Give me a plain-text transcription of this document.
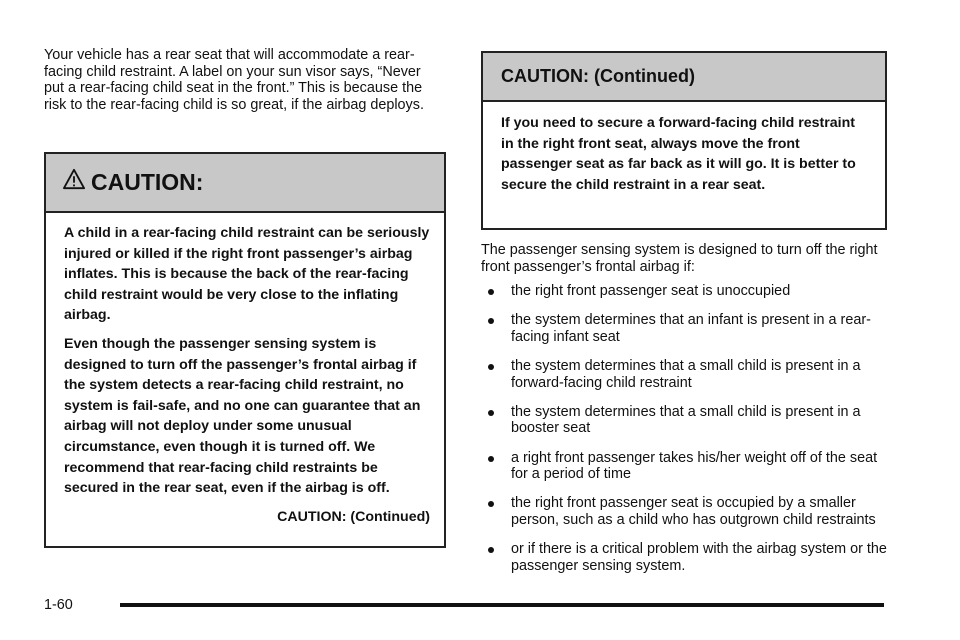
Your vehicle has a rear seat that will accommodate a rear-facing child restraint. A label on your sun visor says, “Never put a rear-facing child seat in the front.” This is because the risk to the rear-facing child is so great, if the airbag deploys.

CAUTION:

A child in a rear-facing child restraint can be seriously injured or killed if the right front passenger’s airbag inflates. This is because the back of the rear-facing child restraint would be very close to the inflating airbag.

Even though the passenger sensing system is designed to turn off the passenger’s frontal airbag if the system detects a rear-facing child restraint, no system is fail-safe, and no one can guarantee that an airbag will not deploy under some unusual circumstance, even though it is turned off. We recommend that rear-facing child restraints be secured in the rear seat, even if the airbag is off.

CAUTION: (Continued)
CAUTION: (Continued)
If you need to secure a forward-facing child restraint in the right front seat, always move the front passenger seat as far back as it will go. It is better to secure the child restraint in a rear seat.

The passenger sensing system is designed to turn off the right front passenger’s frontal airbag if:

the right front passenger seat is unoccupied
the system determines that an infant is present in a rear-facing infant seat
the system determines that a small child is present in a forward-facing child restraint
the system determines that a small child is present in a booster seat
a right front passenger takes his/her weight off of the seat for a period of time
the right front passenger seat is occupied by a smaller person, such as a child who has outgrown child restraints
or if there is a critical problem with the airbag system or the passenger sensing system.
1-60
